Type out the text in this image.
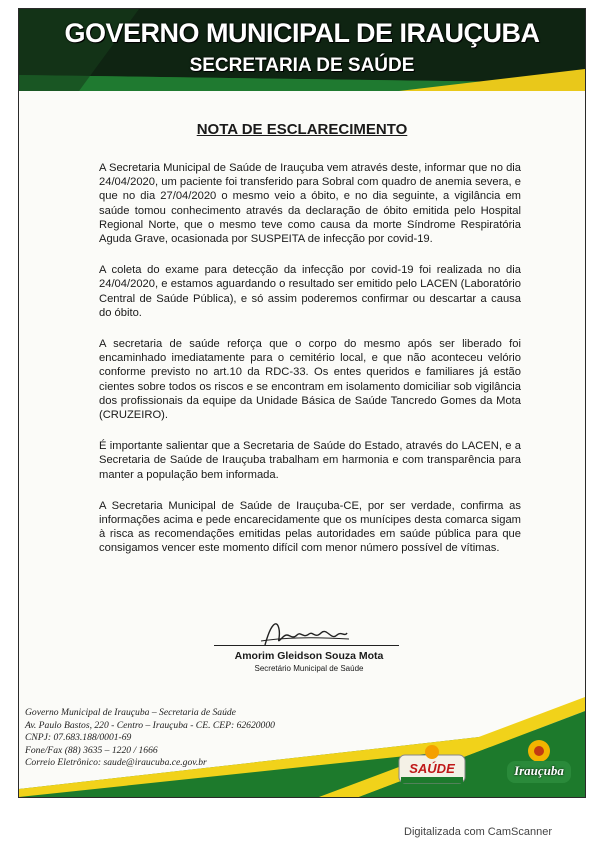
GOVERNO MUNICIPAL DE IRAUÇUBA
SECRETARIA DE SAÚDE
NOTA DE ESCLARECIMENTO

A Secretaria Municipal de Saúde de Irauçuba vem através deste, informar que no dia 24/04/2020, um paciente foi transferido para Sobral com quadro de anemia severa, e que no dia 27/04/2020 o mesmo veio a óbito, e no dia seguinte, a vigilância em saúde tomou conhecimento através da declaração de óbito emitida pelo Hospital Regional Norte, que o mesmo teve como causa da morte Síndrome Respiratória Aguda Grave, ocasionada por SUSPEITA de infecção por covid-19.

A coleta do exame para detecção da infecção por covid-19 foi realizada no dia 24/04/2020, e estamos aguardando o resultado ser emitido pelo LACEN (Laboratório Central de Saúde Pública), e só assim poderemos confirmar ou descartar a causa do óbito.

A secretaria de saúde reforça que o corpo do mesmo após ser liberado foi encaminhado imediatamente para o cemitério local, e que não aconteceu velório conforme previsto no art.10 da RDC-33. Os entes queridos e familiares já estão cientes sobre todos os riscos e se encontram em isolamento domiciliar sob vigilância dos profissionais da equipe da Unidade Básica de Saúde Tancredo Gomes da Mota (CRUZEIRO).

É importante salientar que a Secretaria de Saúde do Estado, através do LACEN, e a Secretaria de Saúde de Irauçuba trabalham em harmonia e com transparência para manter a população bem informada.

A Secretaria Municipal de Saúde de Irauçuba-CE, por ser verdade, confirma as informações acima e pede encarecidamente que os munícipes desta comarca sigam à risca as recomendações emitidas pelas autoridades em saúde pública para que consigamos vencer este momento difícil com menor número possível de vítimas.

Amorim Gleidson Souza Mota
Secretário Municipal de Saúde
Governo Municipal de Irauçuba – Secretaria de Saúde
Av. Paulo Bastos, 220 - Centro – Irauçuba - CE. CEP: 62620000
CNPJ: 07.683.188/0001-69
Fone/Fax (88) 3635 – 1220 / 1666
Correio Eletrônico: saude@iraucuba.ce.gov.br	SAÚDE	Irauçuba
Digitalizada com CamScanner
